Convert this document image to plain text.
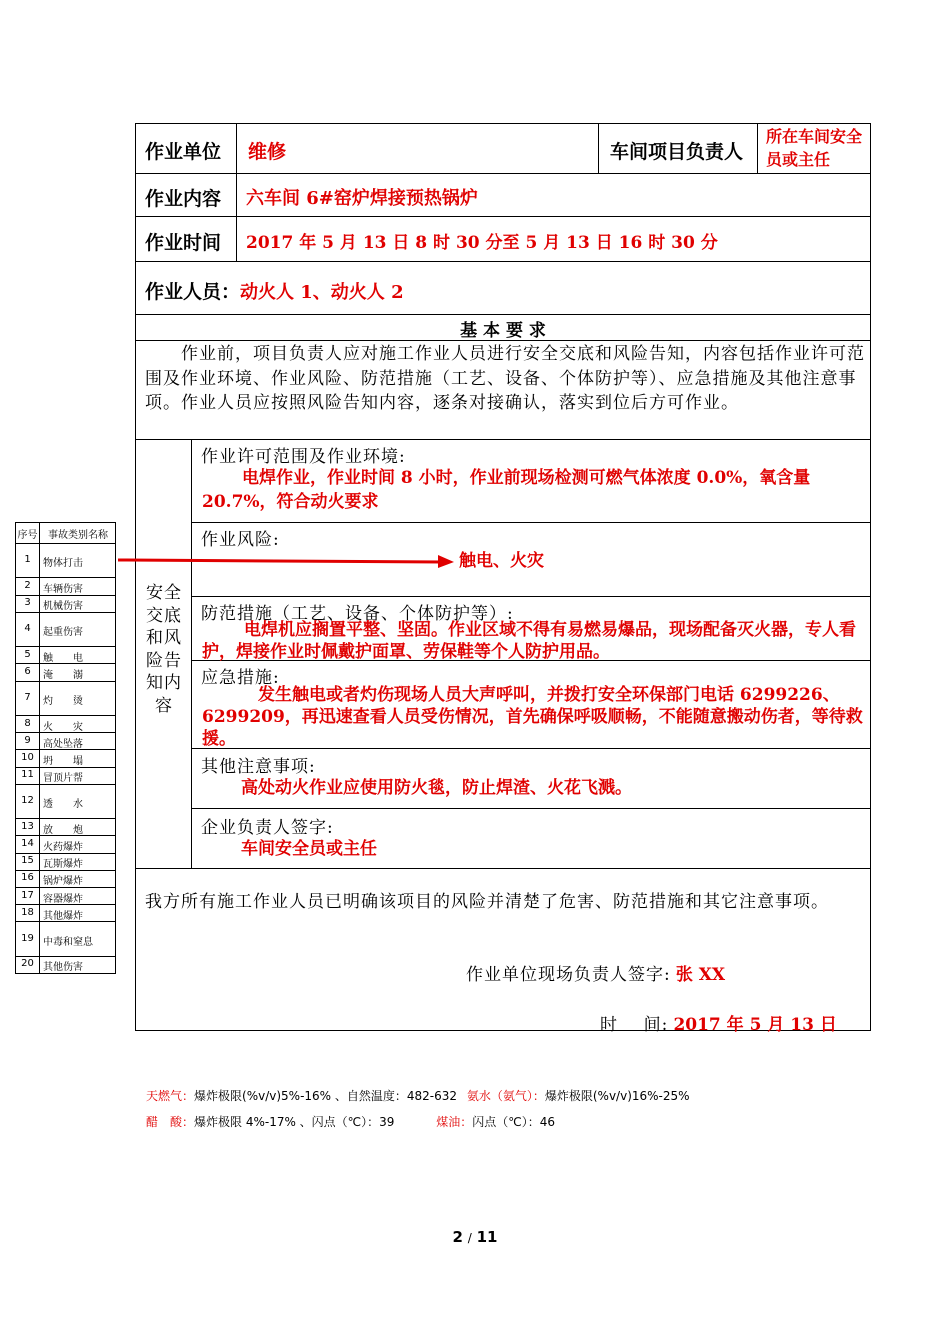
作业单位 维修	车间项目负责人
所在车间安全员或主任
作业内容 六车间 6#窑炉焊接预热锅炉
作业时间 2017 年 5 月 13 日 8 时 30 分至 5 月 13 日 16 时 30 分
作业人员：动火人 1、动火人 2
基 本 要 求
作业前，项目负责人应对施工作业人员进行安全交底和风险告知，内容包括作业许可范围及作业环境、作业风险、防范措施（工艺、设备、个体防护等）、应急措施及其他注意事项。作业人员应按照风险告知内容，逐条对接确认，落实到位后方可作业。
安全交底和风险告知内容
作业许可范围及作业环境:
电焊作业，作业时间 8 小时，作业前现场检测可燃气体浓度 0.0%，氧含量 20.7%，符合动火要求
作业风险:
触电、火灾
防范措施（工艺、设备、个体防护等）:
电焊机应搁置平整、坚固。作业区域不得有易燃易爆品，现场配备灭火器，专人看护，焊接作业时佩戴护面罩、劳保鞋等个人防护用品。
应急措施:
发生触电或者灼伤现场人员大声呼叫，并拨打安全环保部门电话 6299226、6299209，再迅速查看人员受伤情况，首先确保呼吸顺畅，不能随意搬动伤者，等待救援。
其他注意事项:
高处动火作业应使用防火毯，防止焊渣、火花飞溅。
企业负责人签字:
车间安全员或主任
我方所有施工作业人员已明确该项目的风险并清楚了危害、防范措施和其它注意事项。
作业单位现场负责人签字: 张 XX
时    间: 2017 年 5 月 13 日
序号 事故类别名称
1	物体打击
2	车辆伤害
3	机械伤害
4	起重伤害
5	触　　电
6	淹　　溺
7	灼　　烫
8	火　　灾
9	高处坠落
10 坍　　塌
11 冒顶片帮
12 透　　水
13 放　　炮
14 火药爆炸
15 瓦斯爆炸
16 锅炉爆炸
17 容器爆炸
18 其他爆炸
19 中毒和窒息
20 其他伤害
天燃气：爆炸极限(%v/v)5%-16% 、自然温度：482-632 氨水（氨气）：爆炸极限(%v/v)16%-25%
醋　酸：爆炸极限 4%-17% 、闪点（℃）：39	煤油：闪点（℃）：46
2 / 11
